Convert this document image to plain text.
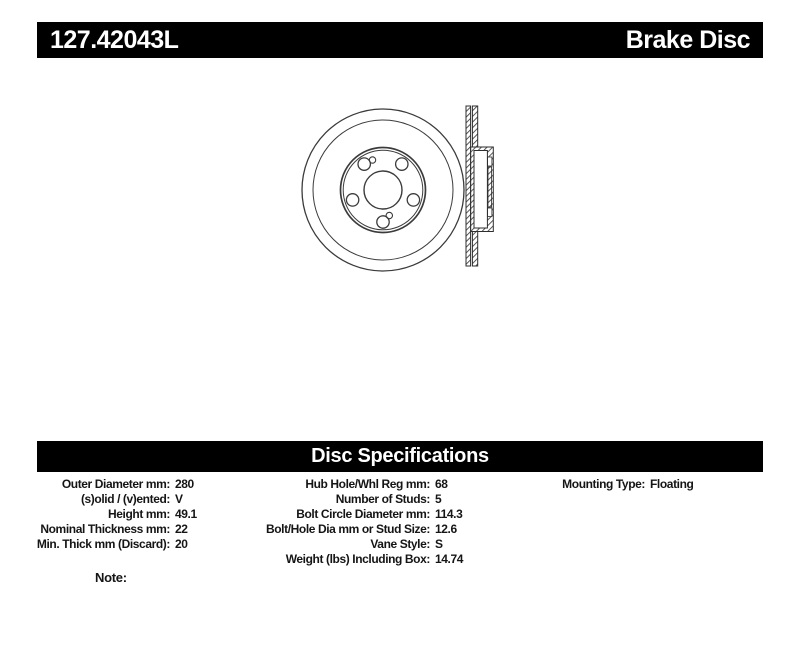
127.42043L	Brake Disc
Disc Specifications
Outer Diameter mm: 280
(s)olid / (v)ented: V
Height mm: 49.1
Nominal Thickness mm: 22
Min. Thick mm (Discard): 20
Hub Hole/Whl Reg mm: 68
Number of Studs: 5
Bolt Circle Diameter mm: 114.3
Bolt/Hole Dia mm or Stud Size: 12.6
Vane Style: S
Weight (lbs) Including Box: 14.74
Mounting Type: Floating
Note:
